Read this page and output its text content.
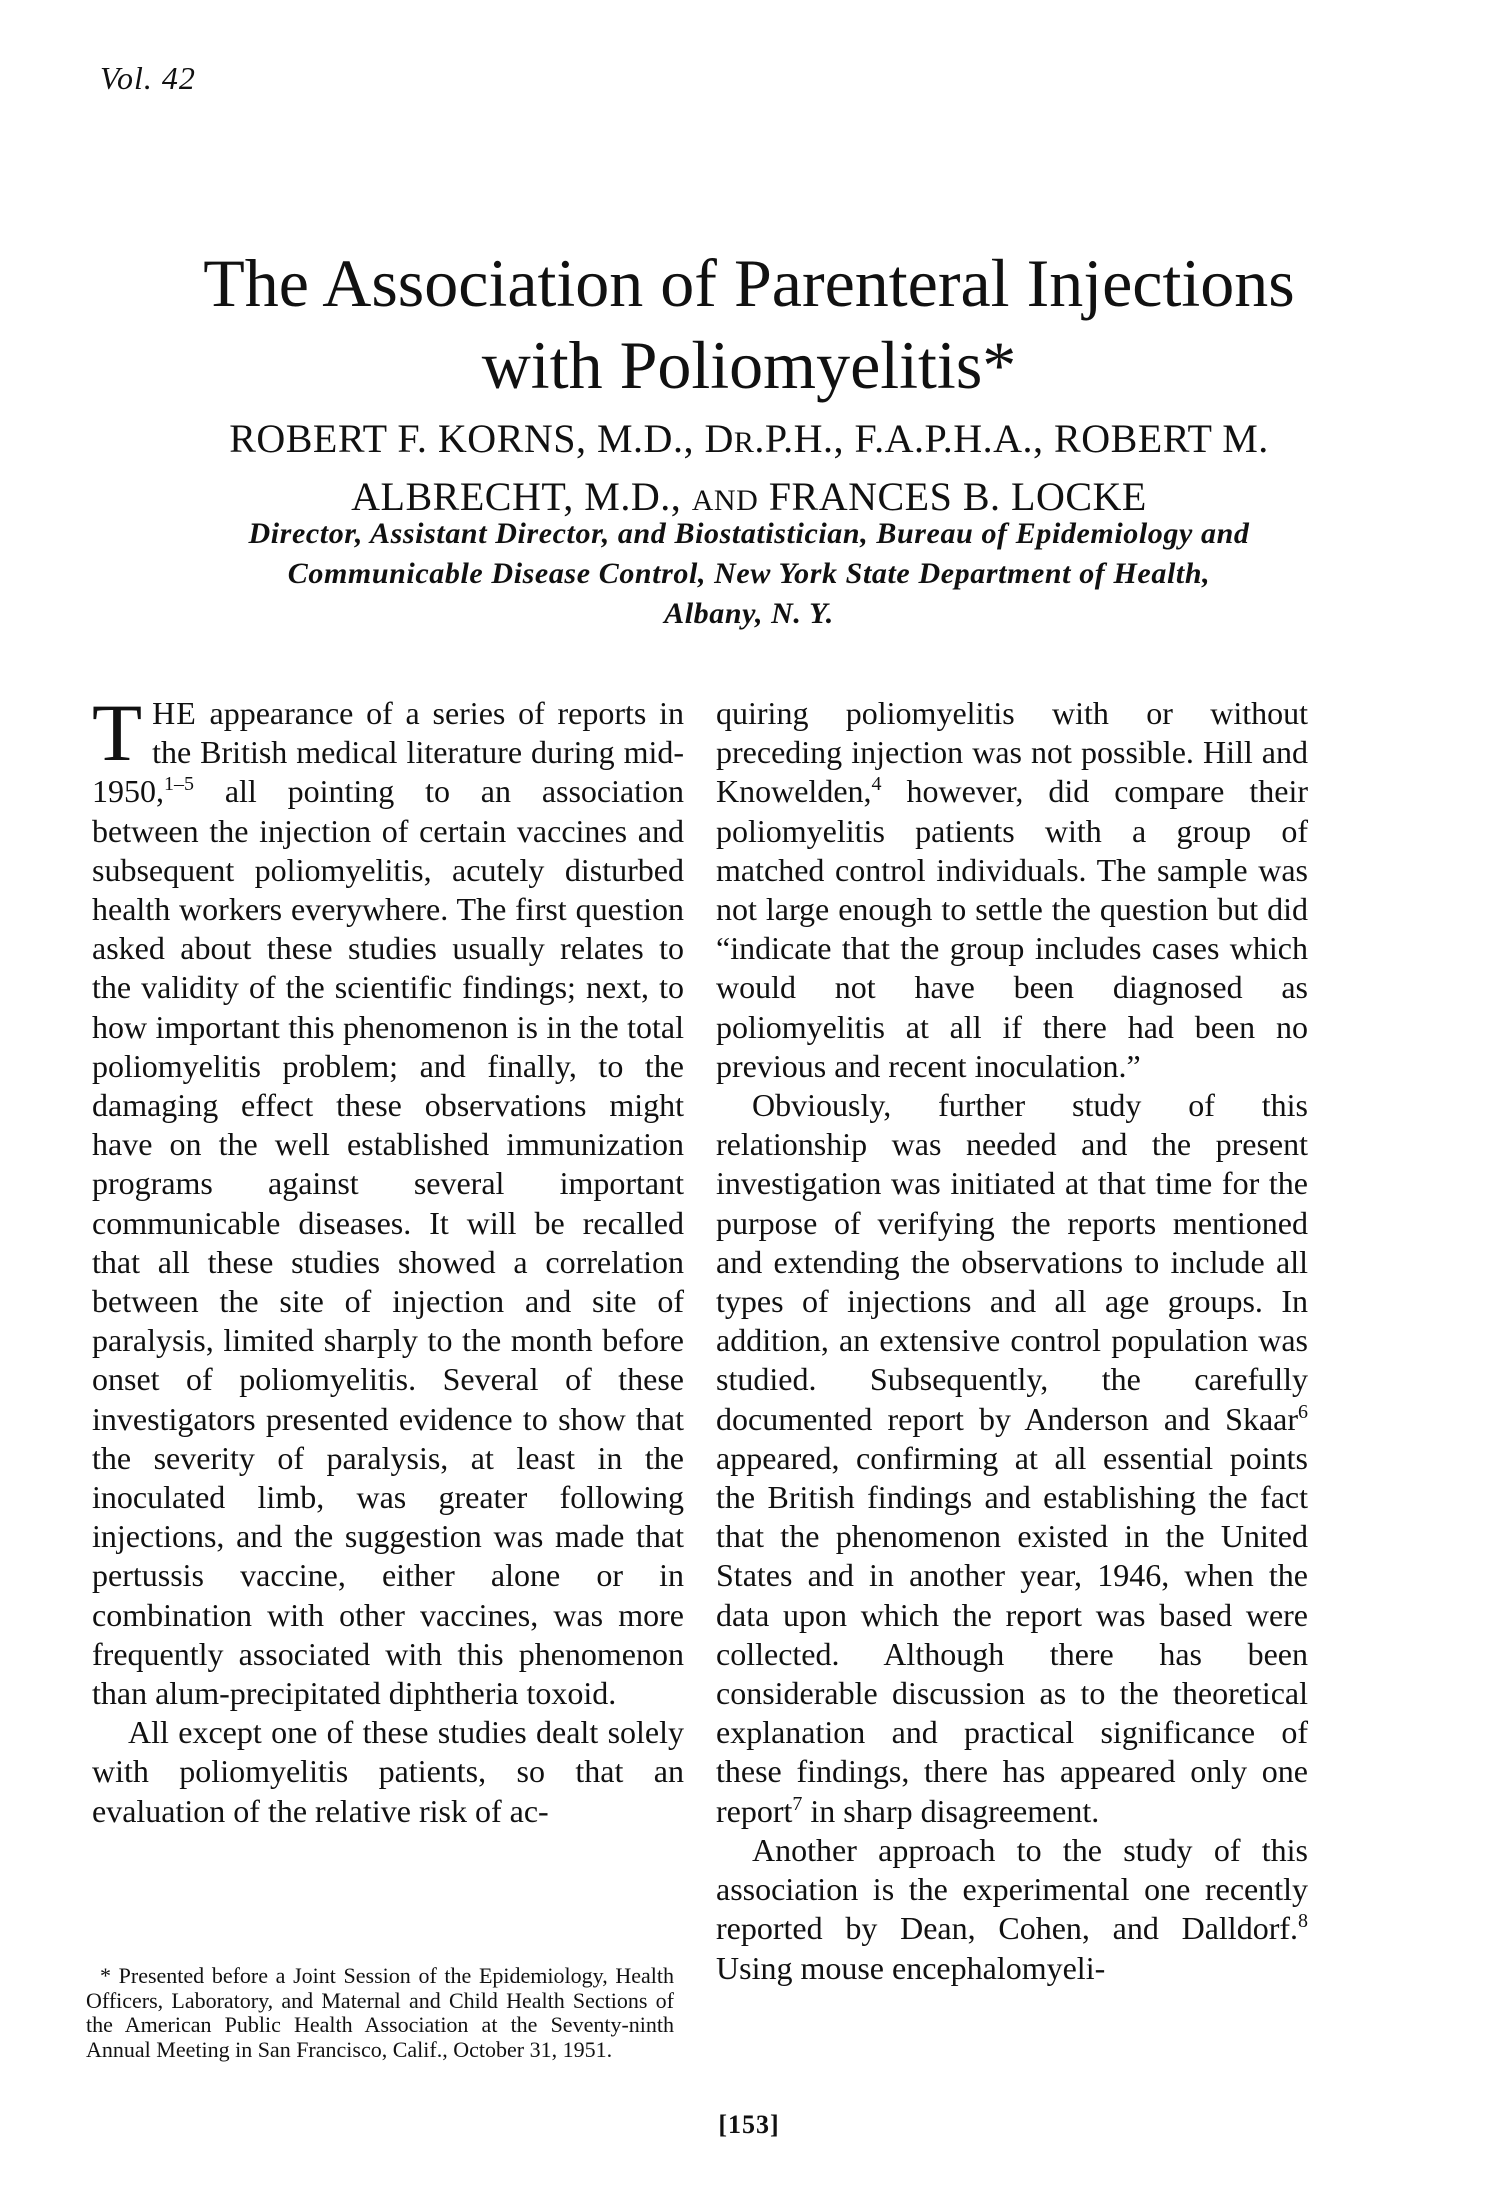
Vol. 42
The Association of Parenteral Injections
with Poliomyelitis*
ROBERT F. KORNS, M.D., DR.P.H., F.A.P.H.A., ROBERT M.
ALBRECHT, M.D., AND FRANCES B. LOCKE
Director, Assistant Director, and Biostatistician, Bureau of Epidemiology and
Communicable Disease Control, New York State Department of Health,
Albany, N. Y.

THE appearance of a series of reports in the British medical literature during mid-1950,$^{1-5}$ all pointing to an association between the injection of certain vaccines and subsequent poliomyelitis, acutely disturbed health workers everywhere. The first question asked about these studies usually relates to the validity of the scientific findings; next, to how important this phenomenon is in the total poliomyelitis problem; and finally, to the damaging effect these observations might have on the well established immunization programs against several important communicable diseases. It will be recalled that all these studies showed a correlation between the site of injection and site of paralysis, limited sharply to the month before onset of poliomyelitis. Several of these investigators presented evidence to show that the severity of paralysis, at least in the inoculated limb, was greater following injections, and the suggestion was made that pertussis vaccine, either alone or in combination with other vaccines, was more frequently associated with this phenomenon than alum-precipitated diphtheria toxoid.

All except one of these studies dealt solely with poliomyelitis patients, so that an evaluation of the relative risk of ac-

* Presented before a Joint Session of the Epidemiology, Health Officers, Laboratory, and Maternal and Child Health Sections of the American Public Health Association at the Seventy-ninth Annual Meeting in San Francisco, Calif., October 31, 1951.

quiring poliomyelitis with or without preceding injection was not possible. Hill and Knowelden,$^4$ however, did compare their poliomyelitis patients with a group of matched control individuals. The sample was not large enough to settle the question but did “indicate that the group includes cases which would not have been diagnosed as poliomyelitis at all if there had been no previous and recent inoculation.”

Obviously, further study of this relationship was needed and the present investigation was initiated at that time for the purpose of verifying the reports mentioned and extending the observations to include all types of injections and all age groups. In addition, an extensive control population was studied. Subsequently, the carefully documented report by Anderson and Skaar$^6$ appeared, confirming at all essential points the British findings and establishing the fact that the phenomenon existed in the United States and in another year, 1946, when the data upon which the report was based were collected. Although there has been considerable discussion as to the theoretical explanation and practical significance of these findings, there has appeared only one report$^7$ in sharp disagreement.

Another approach to the study of this association is the experimental one recently reported by Dean, Cohen, and Dalldorf.$^8$ Using mouse encephalomyeli-

[153]
